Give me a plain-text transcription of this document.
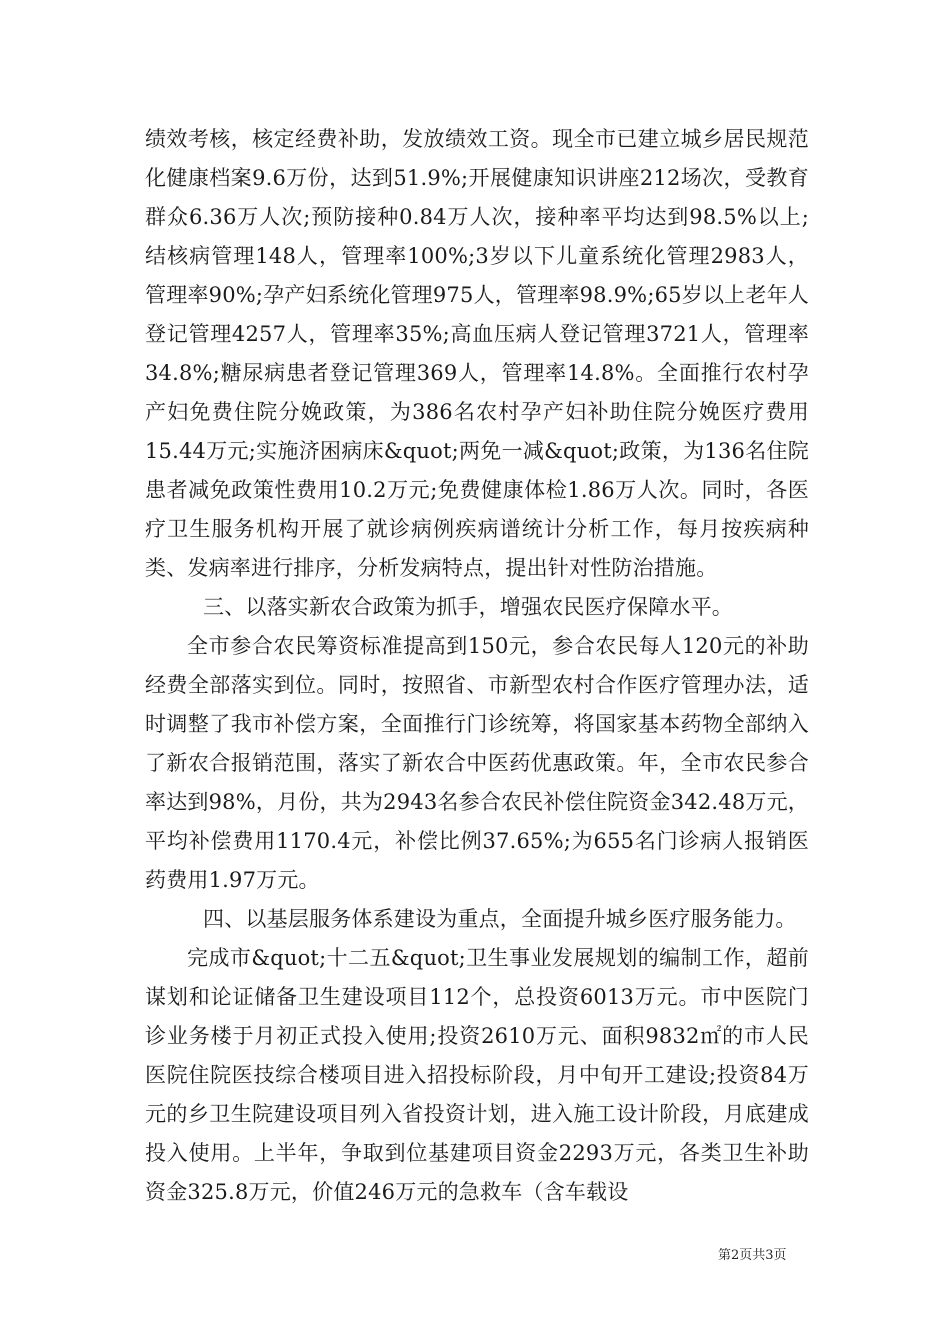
绩效考核，核定经费补助，发放绩效工资。现全市已建立城乡居民规范化健康档案9.6万份，达到51.9%;开展健康知识讲座212场次，受教育群众6.36万人次;预防接种0.84万人次，接种率平均达到98.5%以上;结核病管理148人，管理率100%;3岁以下儿童系统化管理2983人，管理率90%;孕产妇系统化管理975人，管理率98.9%;65岁以上老年人登记管理4257人，管理率35%;高血压病人登记管理3721人，管理率34.8%;糖尿病患者登记管理369人，管理率14.8%。全面推行农村孕产妇免费住院分娩政策，为386名农村孕产妇补助住院分娩医疗费用15.44万元;实施济困病床&quot;两免一减&quot;政策，为136名住院患者减免政策性费用10.2万元;免费健康体检1.86万人次。同时，各医疗卫生服务机构开展了就诊病例疾病谱统计分析工作，每月按疾病种类、发病率进行排序，分析发病特点，提出针对性防治措施。

三、以落实新农合政策为抓手，增强农民医疗保障水平。

全市参合农民筹资标准提高到150元，参合农民每人120元的补助经费全部落实到位。同时，按照省、市新型农村合作医疗管理办法，适时调整了我市补偿方案，全面推行门诊统筹，将国家基本药物全部纳入了新农合报销范围，落实了新农合中医药优惠政策。年，全市农民参合率达到98%，月份，共为2943名参合农民补偿住院资金342.48万元，平均补偿费用1170.4元，补偿比例37.65%;为655名门诊病人报销医药费用1.97万元。

四、以基层服务体系建设为重点，全面提升城乡医疗服务能力。

完成市&quot;十二五&quot;卫生事业发展规划的编制工作，超前谋划和论证储备卫生建设项目112个，总投资6013万元。市中医院门诊业务楼于月初正式投入使用;投资2610万元、面积9832㎡的市人民医院住院医技综合楼项目进入招投标阶段，月中旬开工建设;投资84万元的乡卫生院建设项目列入省投资计划，进入施工设计阶段，月底建成投入使用。上半年，争取到位基建项目资金2293万元，各类卫生补助资金325.8万元，价值246万元的急救车（含车载设

第2页共3页
